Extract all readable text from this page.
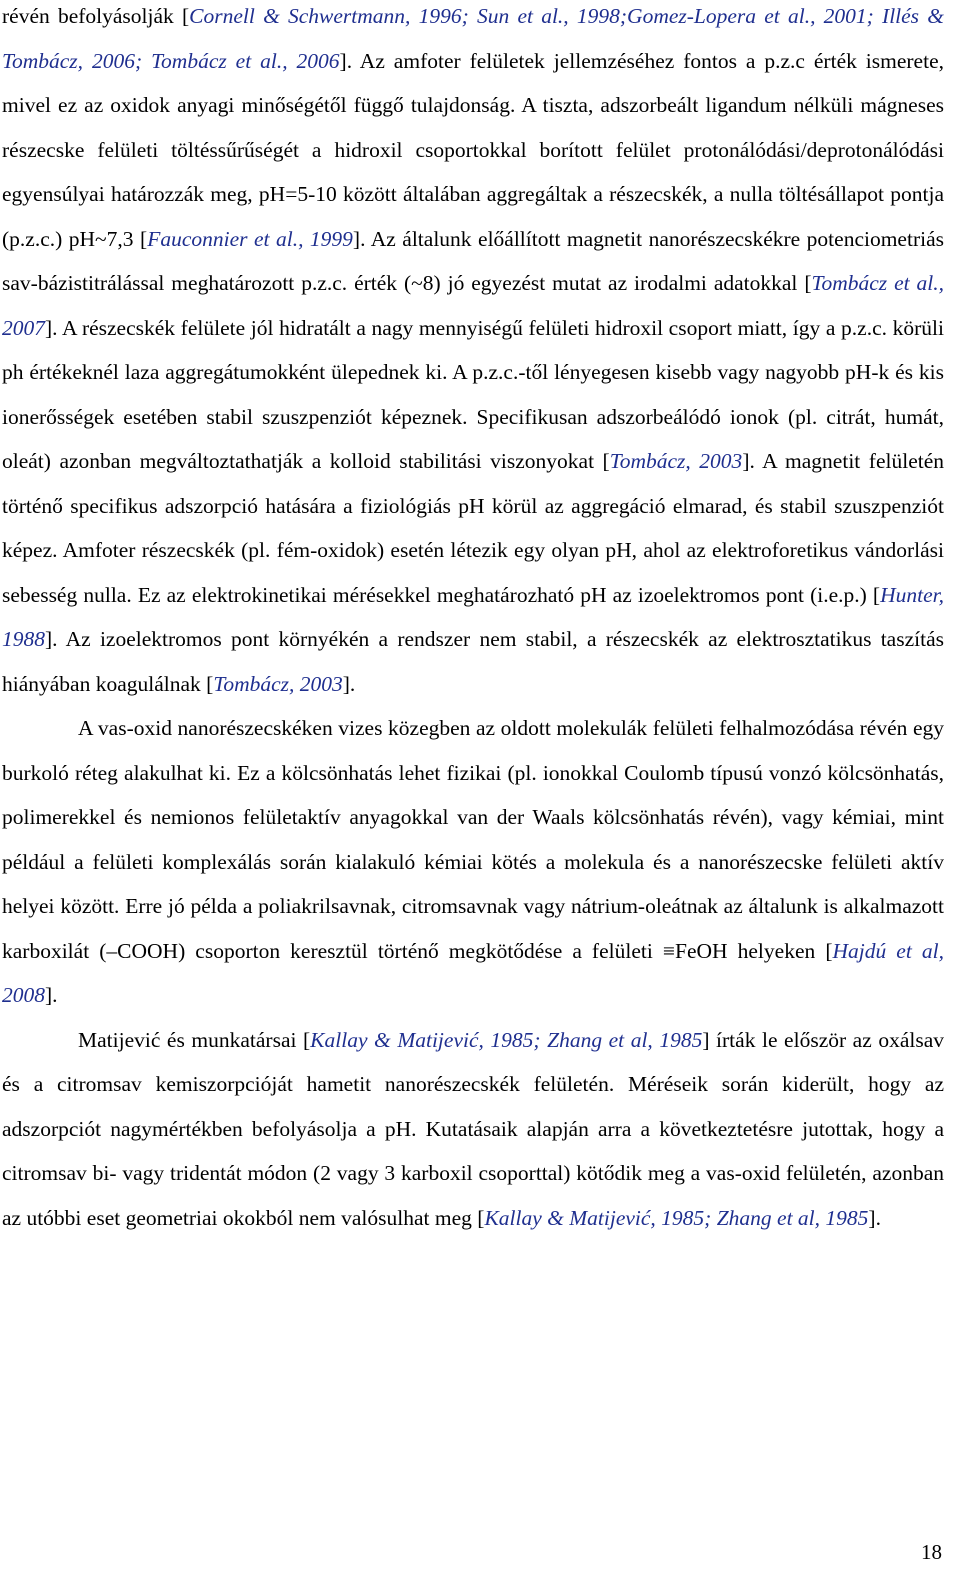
révén befolyásolják [Cornell & Schwertmann, 1996; Sun et al., 1998;Gomez-Lopera et al., 2001; Illés & Tombácz, 2006; Tombácz et al., 2006]. Az amfoter felületek jellemzéséhez fontos a p.z.c érték ismerete, mivel ez az oxidok anyagi minőségétől függő tulajdonság. A tiszta, adszorbeált ligandum nélküli mágneses részecske felületi töltéssűrűségét a hidroxil csoportokkal borított felület protonálódási/deprotonálódási egyensúlyai határozzák meg, pH=5-10 között általában aggregáltak a részecskék, a nulla töltésállapot pontja (p.z.c.) pH~7,3 [Fauconnier et al., 1999]. Az általunk előállított magnetit nanorészecskékre potenciometriás sav-bázistitrálással meghatározott p.z.c. érték (~8) jó egyezést mutat az irodalmi adatokkal [Tombácz et al., 2007]. A részecskék felülete jól hidratált a nagy mennyiségű felületi hidroxil csoport miatt, így a p.z.c. körüli ph értékeknél laza aggregátumokként ülepednek ki. A p.z.c.-től lényegesen kisebb vagy nagyobb pH-k és kis ionerősségek esetében stabil szuszpenziót képeznek. Specifikusan adszorbeálódó ionok (pl. citrát, humát, oleát) azonban megváltoztathatják a kolloid stabilitási viszonyokat [Tombácz, 2003]. A magnetit felületén történő specifikus adszorpció hatására a fiziológiás pH körül az aggregáció elmarad, és stabil szuszpenziót képez. Amfoter részecskék (pl. fém-oxidok) esetén létezik egy olyan pH, ahol az elektroforetikus vándorlási sebesség nulla. Ez az elektrokinetikai mérésekkel meghatározható pH az izoelektromos pont (i.e.p.) [Hunter, 1988]. Az izoelektromos pont környékén a rendszer nem stabil, a részecskék az elektrosztatikus taszítás hiányában koagulálnak [Tombácz, 2003].

A vas-oxid nanorészecskéken vizes közegben az oldott molekulák felületi felhalmozódása révén egy burkoló réteg alakulhat ki. Ez a kölcsönhatás lehet fizikai (pl. ionokkal Coulomb típusú vonzó kölcsönhatás, polimerekkel és nemionos felületaktív anyagokkal van der Waals kölcsönhatás révén), vagy kémiai, mint például a felületi komplexálás során kialakuló kémiai kötés a molekula és a nanorészecske felületi aktív helyei között. Erre jó példa a poliakrilsavnak, citromsavnak vagy nátrium-oleátnak az általunk is alkalmazott karboxilát (–COOH) csoporton keresztül történő megkötődése a felületi ≡FeOH helyeken [Hajdú et al, 2008].

Matijević és munkatársai [Kallay & Matijević, 1985; Zhang et al, 1985] írták le először az oxálsav és a citromsav kemiszorpcióját hametit nanorészecskék felületén. Méréseik során kiderült, hogy az adszorpciót nagymértékben befolyásolja a pH. Kutatásaik alapján arra a következtetésre jutottak, hogy a citromsav bi- vagy tridentát módon (2 vagy 3 karboxil csoporttal) kötődik meg a vas-oxid felületén, azonban az utóbbi eset geometriai okokból nem valósulhat meg [Kallay & Matijević, 1985; Zhang et al, 1985].

18
